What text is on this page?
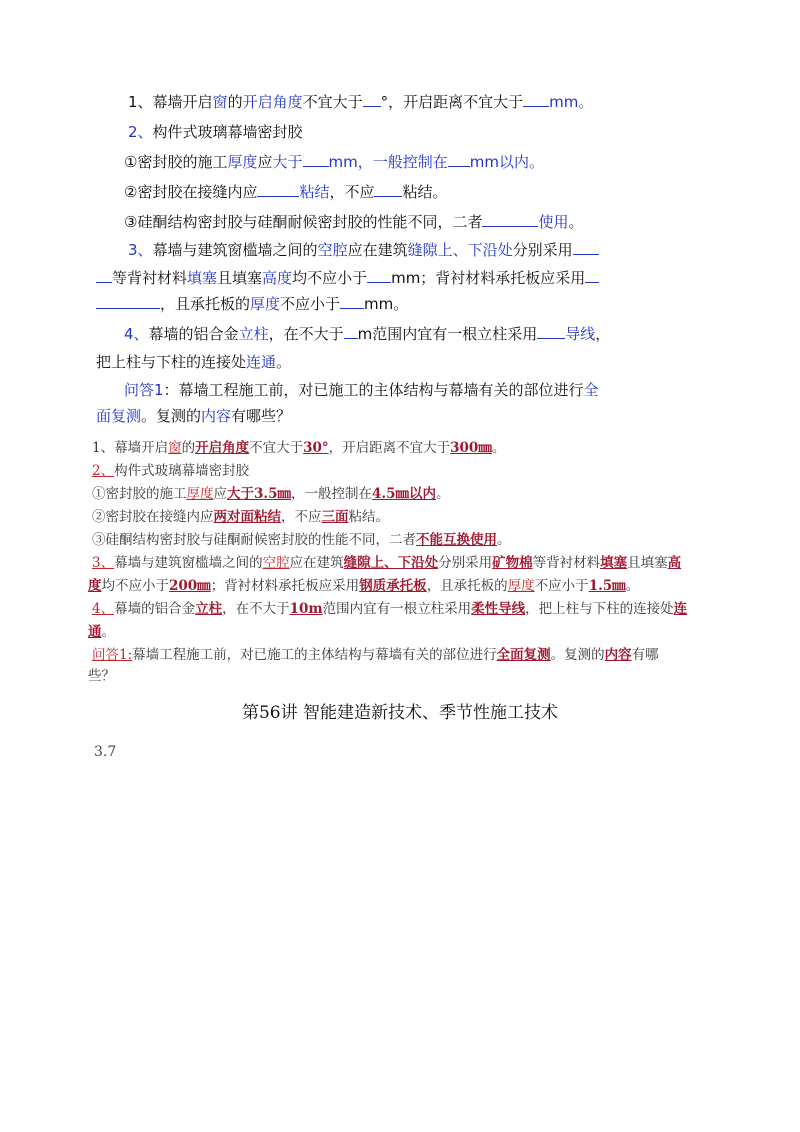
1、幕墙开启窗的开启角度不宜大于 °，开启距离不宜大于 mm。
2、构件式玻璃幕墙密封胶
①密封胶的施工厚度应大于 mm，一般控制在 mm以内。
②密封胶在接缝内应	粘结，不应 粘结。
③硅酮结构密封胶与硅酮耐候密封胶的性能不同，二者	使用。
3、幕墙与建筑窗槛墙之间的空腔应在建筑缝隙上、下沿处分别采用
等背衬材料填塞且填塞高度均不应小于 mm；背衬材料承托板应采用
，且承托板的厚度不应小于 mm。
4、幕墙的铝合金立柱，在不大于 m范围内宜有一根立柱采用 导线，
把上柱与下柱的连接处连通。
问答1：幕墙工程施工前，对已施工的主体结构与幕墙有关的部位进行全
面复测。复测的内容有哪些？
1、幕墙开启窗的开启角度不宜大于30°，开启距离不宜大于300㎜。
2、构件式玻璃幕墙密封胶
①密封胶的施工厚度应大于3.5㎜，一般控制在4.5㎜以内。
②密封胶在接缝内应两对面粘结，不应三面粘结。
③硅酮结构密封胶与硅酮耐候密封胶的性能不同，二者不能互换使用。
3、幕墙与建筑窗槛墙之间的空腔应在建筑缝隙上、下沿处分别采用矿物棉等背衬材料填塞且填塞高
度均不应小于200㎜；背衬材料承托板应采用钢质承托板，且承托板的厚度不应小于1.5㎜。
4、幕墙的铝合金立柱，在不大于10m范围内宜有一根立柱采用柔性导线，把上柱与下柱的连接处连
通。
问答1:幕墙工程施工前，对已施工的主体结构与幕墙有关的部位进行全面复测。复测的内容有哪
些？
第56讲 智能建造新技术、季节性施工技术
3.7
